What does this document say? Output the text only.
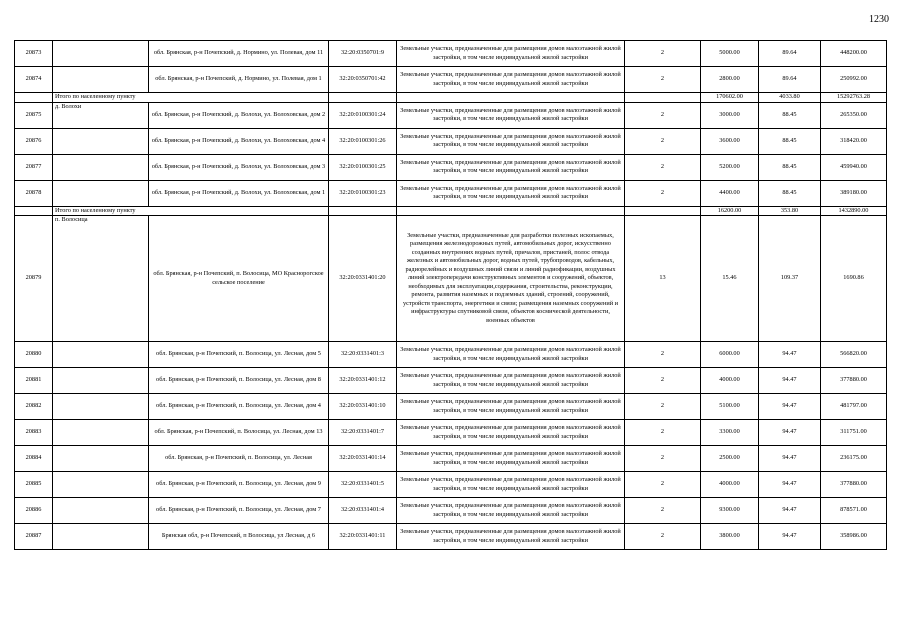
1230
20873		обл. Брянская, р-н Почепский, д. Нормино, ул. Полевая, дом 11	32:20:0350701:9	Земельные участки, предназначенные для размещения домов малоэтажной жилой застройки, в том числе индивидуальной жилой застройки	2	5000.00	89.64	448200.00
20874		обл. Брянская, р-н Почепский, д. Нормино, ул. Полевая, дом 1	32:20:0350701:42	Земельные участки, предназначенные для размещения домов малоэтажной жилой застройки, в том числе индивидуальной жилой застройки	2	2800.00	89.64	250992.00
	Итого по населенному пункту					170602.00	4033.80	15292763.28
20875	д. Волохи	обл. Брянская, р-н Почепский, д. Волохи, ул. Волоховская, дом 2	32:20:0100301:24	Земельные участки, предназначенные для размещения домов малоэтажной жилой застройки, в том числе индивидуальной жилой застройки	2	3000.00	88.45	265350.00
20876		обл. Брянская, р-н Почепский, д. Волохи, ул. Волоховская, дом 4	32:20:0100301:26	Земельные участки, предназначенные для размещения домов малоэтажной жилой застройки, в том числе индивидуальной жилой застройки	2	3600.00	88.45	318420.00
20877		обл. Брянская, р-н Почепский, д. Волохи, ул. Волоховская, дом 3	32:20:0100301:25	Земельные участки, предназначенные для размещения домов малоэтажной жилой застройки, в том числе индивидуальной жилой застройки	2	5200.00	88.45	459940.00
20878		обл. Брянская, р-н Почепский, д. Волохи, ул. Волоховская, дом 1	32:20:0100301:23	Земельные участки, предназначенные для размещения домов малоэтажной жилой застройки, в том числе индивидуальной жилой застройки	2	4400.00	88.45	389180.00
	Итого по населенному пункту					16200.00	353.80	1432890.00
20879	п. Волосица	обл. Брянская, р-н Почепский, п. Волосица, МО Краснорогское сельское поселение	32:20:0331401:20	Земельные участки, предназначенные для разработки полезных ископаемых, размещения железнодорожных путей, автомобильных дорог, искусственно созданных внутренних водных путей, причалов, пристаней, полос отвода железных и автомобильных дорог, водных путей, трубопроводов, кабельных, радиорелейных и воздушных линий связи и линий радиофикации, воздушных линий электропередачи конструктивных элементов и сооружений, объектов, необходимых для эксплуатации,содержания, строительства, реконструкции, ремонта, развития наземных и подземных зданий, строений, сооружений, устройств транспорта, энергетики и связи; размещения наземных сооружений и инфраструктуры спутниковой связи, объектов космической деятельности, военных объектов	13	15.46	109.37	1690.86
20880		обл. Брянская, р-н Почепский, п. Волосица, ул. Лесная, дом 5	32:20:0331401:3	Земельные участки, предназначенные для размещения домов малоэтажной жилой застройки, в том числе индивидуальной жилой застройки	2	6000.00	94.47	566820.00
20881		обл. Брянская, р-н Почепский, п. Волосица, ул. Лесная, дом 8	32:20:0331401:12	Земельные участки, предназначенные для размещения домов малоэтажной жилой застройки, в том числе индивидуальной жилой застройки	2	4000.00	94.47	377880.00
20882		обл. Брянская, р-н Почепский, п. Волосица, ул. Лесная, дом 4	32:20:0331401:10	Земельные участки, предназначенные для размещения домов малоэтажной жилой застройки, в том числе индивидуальной жилой застройки	2	5100.00	94.47	481797.00
20883		обл. Брянская, р-н Почепский, п. Волосица, ул. Лесная, дом 13	32:20:0331401:7	Земельные участки, предназначенные для размещения домов малоэтажной жилой застройки, в том числе индивидуальной жилой застройки	2	3300.00	94.47	311751.00
20884		обл. Брянская, р-н Почепский, п. Волосица, ул. Лесная	32:20:0331401:14	Земельные участки, предназначенные для размещения домов малоэтажной жилой застройки, в том числе индивидуальной жилой застройки	2	2500.00	94.47	236175.00
20885		обл. Брянская, р-н Почепский, п. Волосица, ул. Лесная, дом 9	32:20:0331401:5	Земельные участки, предназначенные для размещения домов малоэтажной жилой застройки, в том числе индивидуальной жилой застройки	2	4000.00	94.47	377880.00
20886		обл. Брянская, р-н Почепский, п. Волосица, ул. Лесная, дом 7	32:20:0331401:4	Земельные участки, предназначенные для размещения домов малоэтажной жилой застройки, в том числе индивидуальной жилой застройки	2	9300.00	94.47	878571.00
20887		Брянская обл, р-н Почепский, п Волосица, ул Лесная, д 6	32:20:0331401:11	Земельные участки, предназначенные для размещения домов малоэтажной жилой застройки, в том числе индивидуальной жилой застройки	2	3800.00	94.47	358986.00
